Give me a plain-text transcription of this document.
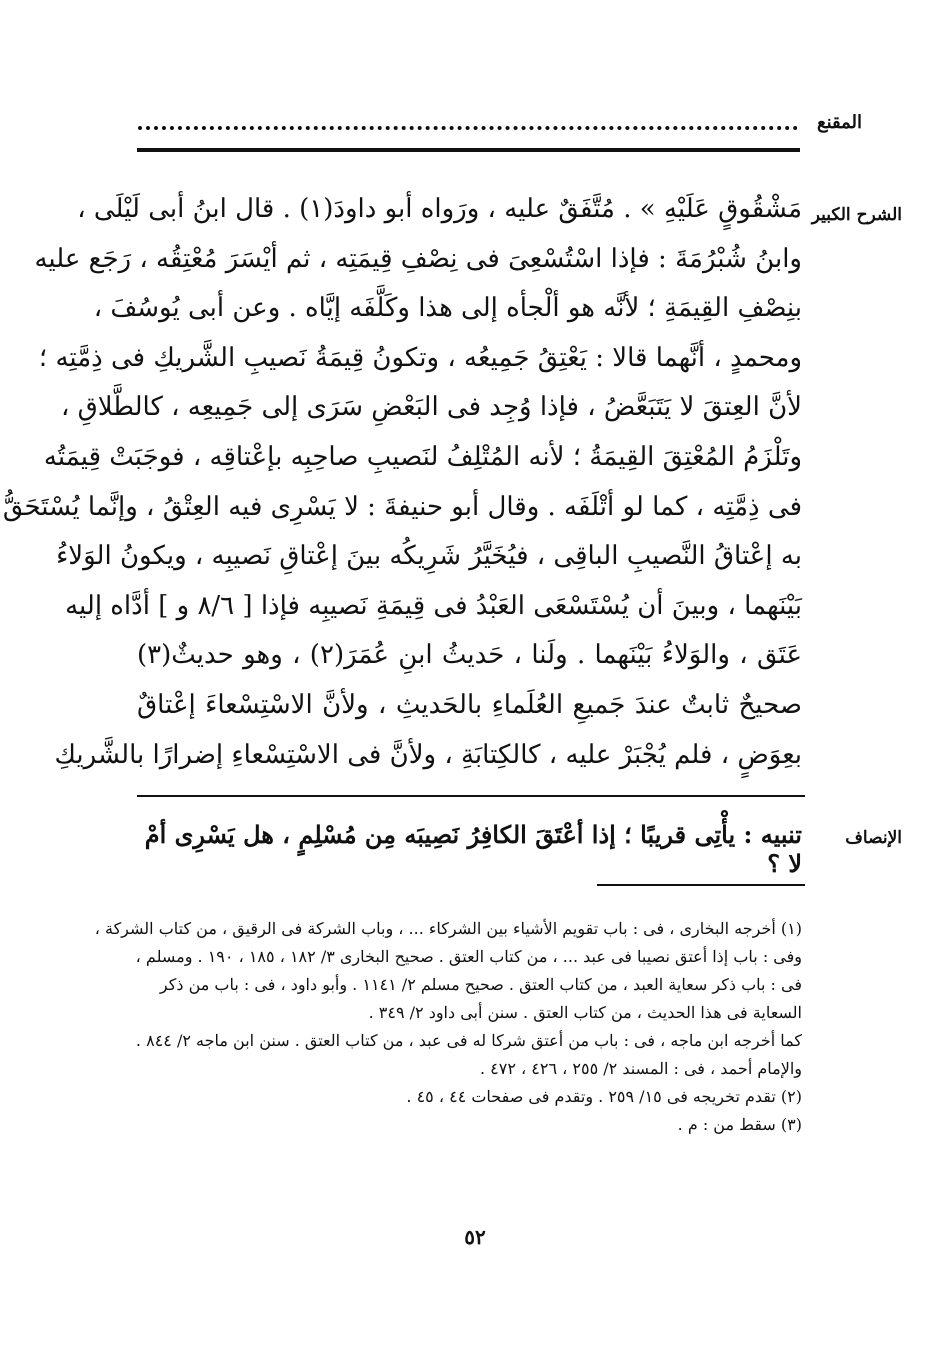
المقنع
الشرح الكبير
مَشْقُوقٍ عَلَيْهِ » . مُتَّفَقٌ عليه ، ورَواه أبو داودَ(١) . قال ابنُ أبى لَيْلَى ،
وابنُ شُبْرُمَةَ : فإذا اسْتُسْعِىَ فى نِصْفِ قِيمَتِه ، ثم أيْسَرَ مُعْتِقُه ، رَجَع عليه
بنِصْفِ القِيمَةِ ؛ لأنَّه هو ألْجأه إلى هذا وكَلَّفَه إيَّاه . وعن أبى يُوسُفَ ،
ومحمدٍ ، أنَّهما قالا : يَعْتِقُ جَمِيعُه ، وتكونُ قِيمَةُ نَصيبِ الشَّريكِ فى ذِمَّتِه ؛
لأنَّ العِتقَ لا يَتَبَعَّضُ ، فإذا وُجِد فى البَعْضِ سَرَى إلى جَمِيعِه ، كالطَّلاقِ ،
وتَلْزَمُ المُعْتِقَ القِيمَةُ ؛ لأنه المُتْلِفُ لنَصيبِ صاحِبِه بإعْتاقِه ، فوجَبَتْ قِيمَتُه
فى ذِمَّتِه ، كما لو أتْلَفَه . وقال أبو حنيفةَ : لا يَسْرِى فيه العِتْقُ ، وإنَّما يُسْتَحَقُّ
به إعْتاقُ النَّصيبِ الباقِى ، فيُخَيَّرُ شَرِيكُه بينَ إعْتاقِ نَصيبِه ، ويكونُ الوَلاءُ
بَيْنَهما ، وبينَ أن يُسْتَسْعَى العَبْدُ فى قِيمَةِ نَصيبِه فإذا [ ٨/٦ و ] أدَّاه إليه
عَتَق ، والوَلاءُ بَيْنَهما . ولَنا ، حَديثُ ابنِ عُمَرَ(٢) ، وهو حديثٌ(٣)
صحيحٌ ثابتٌ عندَ جَميعِ العُلَماءِ بالحَديثِ ، ولأنَّ الاسْتِسْعاءَ إعْتاقٌ
بعِوَضٍ ، فلم يُجْبَرْ عليه ، كالكِتابَةِ ، ولأنَّ فى الاسْتِسْعاءِ إضرارًا بالشَّريكِ
الإنصاف
تنبيه : يأْتِى قريبًا ؛ إذا أعْتَقَ الكافِرُ نَصِيبَه مِن مُسْلِمٍ ، هل يَسْرِى أمْ لا ؟
(١) أخرجه البخارى ، فى : باب تقويم الأشياء بين الشركاء ... ، وباب الشركة فى الرقيق ، من كتاب الشركة ،
وفى : باب إذا أعتق نصيبا فى عبد ... ، من كتاب العتق . صحيح البخارى ٣/ ١٨٢ ، ١٨٥ ، ١٩٠ . ومسلم ،
فى : باب ذكر سعاية العبد ، من كتاب العتق . صحيح مسلم ٢/ ١١٤١ . وأبو داود ، فى : باب من ذكر
السعاية فى هذا الحديث ، من كتاب العتق . سنن أبى داود ٢/ ٣٤٩ .
كما أخرجه ابن ماجه ، فى : باب من أعتق شركا له فى عبد ، من كتاب العتق . سنن ابن ماجه ٢/ ٨٤٤ .
والإمام أحمد ، فى : المسند ٢/ ٢٥٥ ، ٤٢٦ ، ٤٧٢ .
(٢) تقدم تخريجه فى ١٥/ ٢٥٩ . وتقدم فى صفحات ٤٤ ، ٤٥ .
(٣) سقط من : م .
٥٢
